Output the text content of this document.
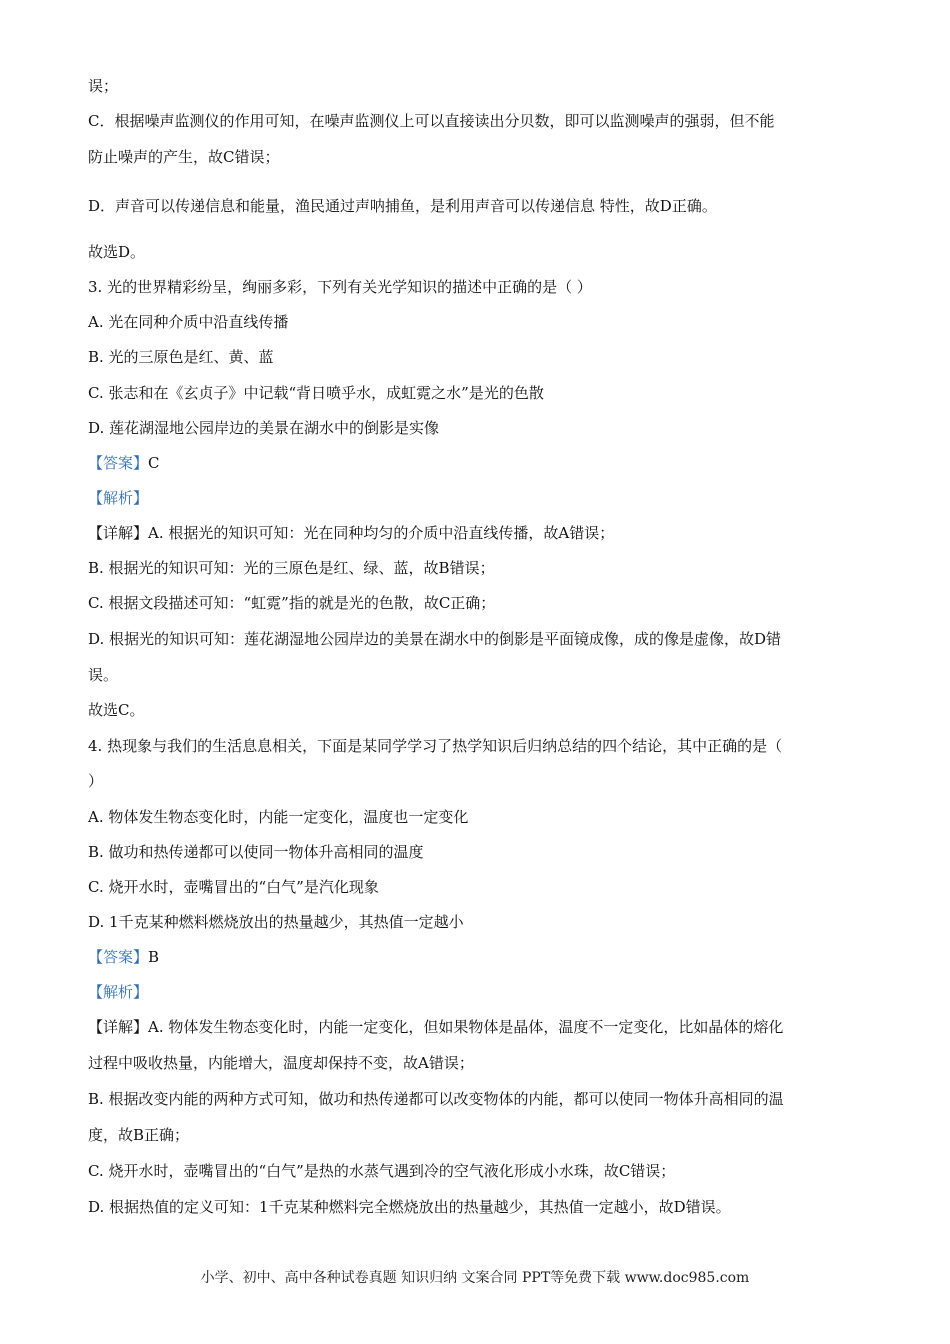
误；
C．根据噪声监测仪的作用可知，在噪声监测仪上可以直接读出分贝数，即可以监测噪声的强弱，但不能
防止噪声的产生，故C错误；
D．声音可以传递信息和能量，渔民通过声呐捕鱼，是利用声音可以传递信息 特性，故D正确。
故选D。
3. 光的世界精彩纷呈，绚丽多彩，下列有关光学知识的描述中正确的是（ ）
A. 光在同种介质中沿直线传播
B. 光的三原色是红、黄、蓝
C. 张志和在《玄贞子》中记载“背日喷乎水，成虹霓之水”是光的色散
D. 莲花湖湿地公园岸边的美景在湖水中的倒影是实像
【答案】C
【解析】
【详解】A. 根据光的知识可知：光在同种均匀的介质中沿直线传播，故A错误；
B. 根据光的知识可知：光的三原色是红、绿、蓝，故B错误；
C. 根据文段描述可知：“虹霓”指的就是光的色散，故C正确；
D. 根据光的知识可知：莲花湖湿地公园岸边的美景在湖水中的倒影是平面镜成像，成的像是虚像，故D错
误。
故选C。
4. 热现象与我们的生活息息相关，下面是某同学学习了热学知识后归纳总结的四个结论，其中正确的是（
）
A. 物体发生物态变化时，内能一定变化，温度也一定变化
B. 做功和热传递都可以使同一物体升高相同的温度
C. 烧开水时，壶嘴冒出的“白气”是汽化现象
D. 1千克某种燃料燃烧放出的热量越少，其热值一定越小
【答案】B
【解析】
【详解】A. 物体发生物态变化时，内能一定变化，但如果物体是晶体，温度不一定变化，比如晶体的熔化
过程中吸收热量，内能增大，温度却保持不变，故A错误；
B. 根据改变内能的两种方式可知，做功和热传递都可以改变物体的内能，都可以使同一物体升高相同的温
度，故B正确；
C. 烧开水时，壶嘴冒出的“白气”是热的水蒸气遇到冷的空气液化形成小水珠，故C错误；
D. 根据热值的定义可知：1千克某种燃料完全燃烧放出的热量越少，其热值一定越小，故D错误。
小学、初中、高中各种试卷真题 知识归纳 文案合同 PPT等免费下载 www.doc985.com
